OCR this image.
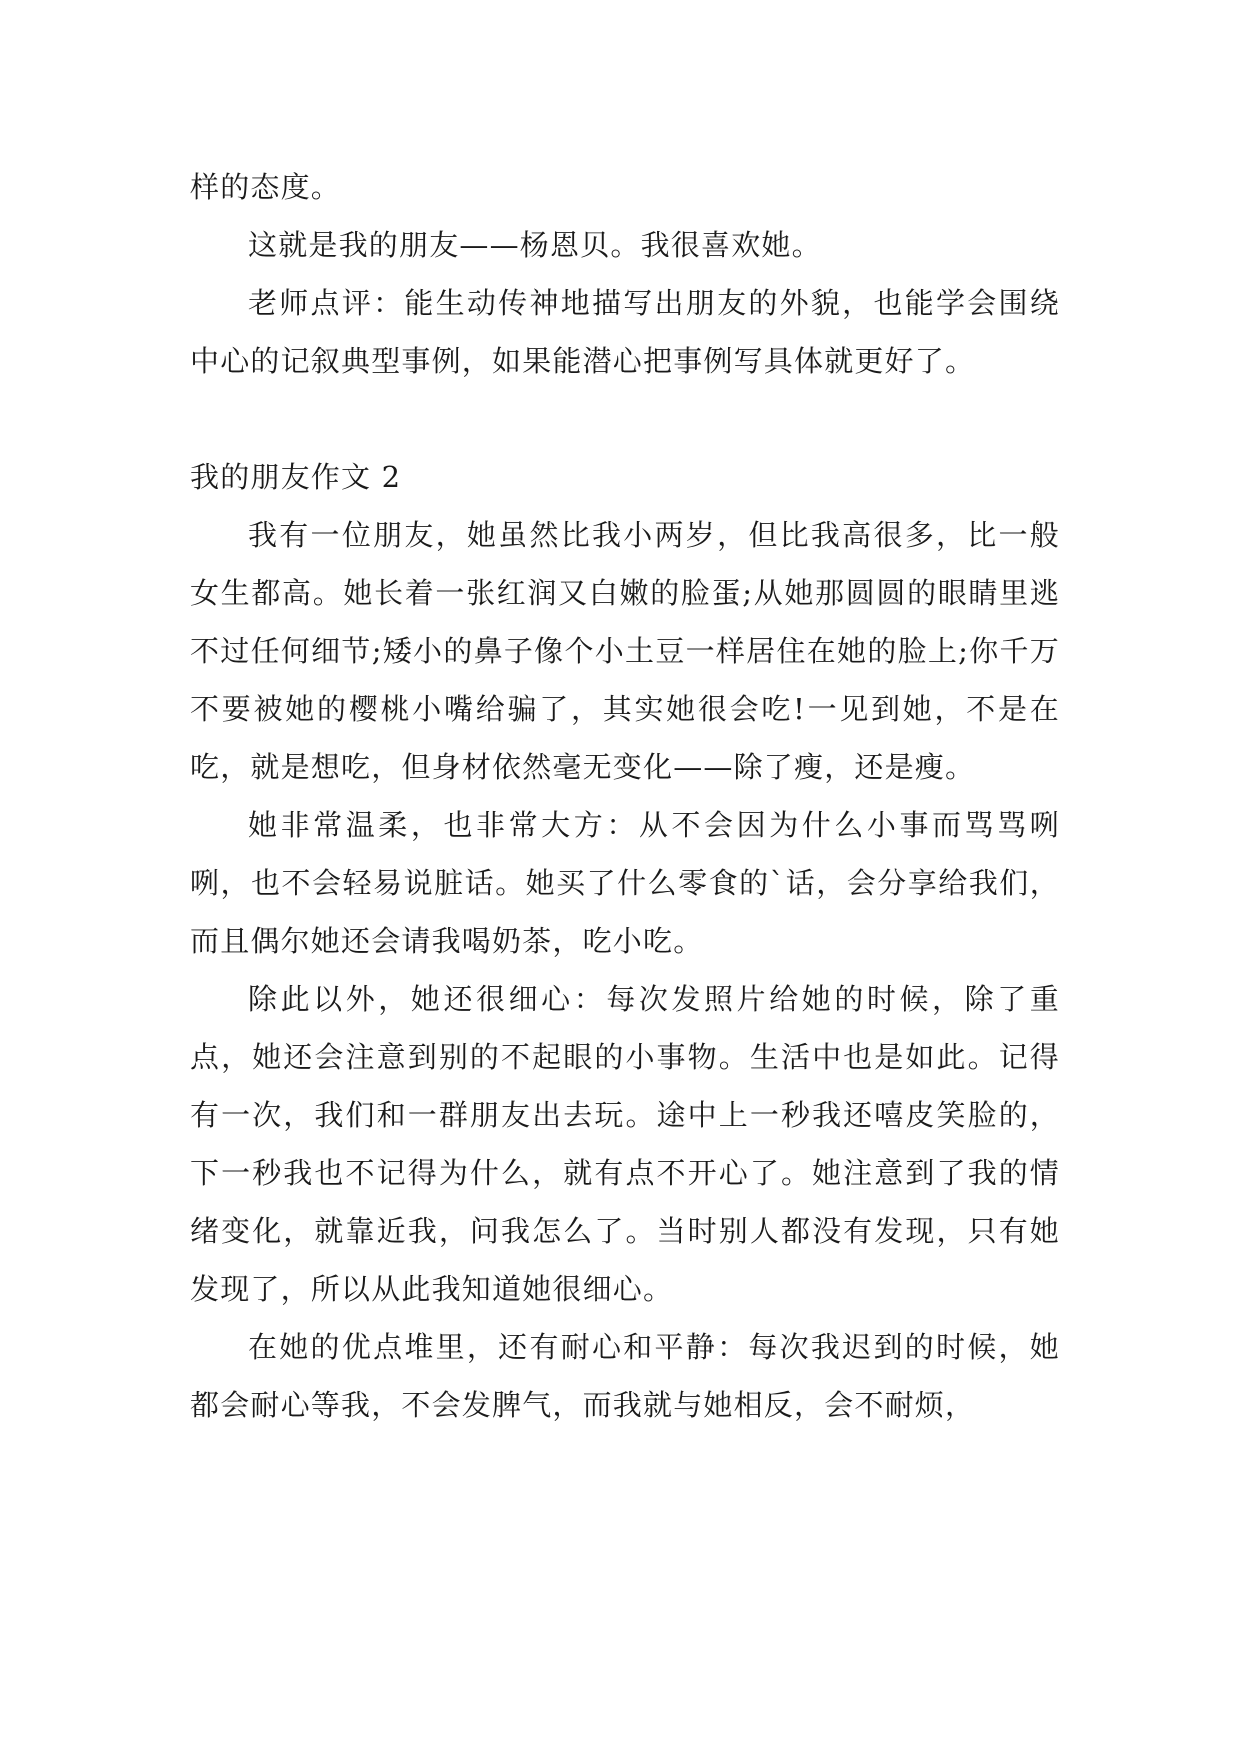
样的态度。

这就是我的朋友——杨恩贝。我很喜欢她。

老师点评：能生动传神地描写出朋友的外貌，也能学会围绕中心的记叙典型事例，如果能潜心把事例写具体就更好了。

我的朋友作文 2

我有一位朋友，她虽然比我小两岁，但比我高很多，比一般女生都高。她长着一张红润又白嫩的脸蛋;从她那圆圆的眼睛里逃不过任何细节;矮小的鼻子像个小土豆一样居住在她的脸上;你千万不要被她的樱桃小嘴给骗了，其实她很会吃!一见到她，不是在吃，就是想吃，但身材依然毫无变化——除了瘦，还是瘦。

她非常温柔，也非常大方：从不会因为什么小事而骂骂咧咧，也不会轻易说脏话。她买了什么零食的`话，会分享给我们，而且偶尔她还会请我喝奶茶，吃小吃。

除此以外，她还很细心：每次发照片给她的时候，除了重点，她还会注意到别的不起眼的小事物。生活中也是如此。记得有一次，我们和一群朋友出去玩。途中上一秒我还嘻皮笑脸的，下一秒我也不记得为什么，就有点不开心了。她注意到了我的情绪变化，就靠近我，问我怎么了。当时别人都没有发现，只有她发现了，所以从此我知道她很细心。

在她的优点堆里，还有耐心和平静：每次我迟到的时候，她都会耐心等我，不会发脾气，而我就与她相反，会不耐烦，
